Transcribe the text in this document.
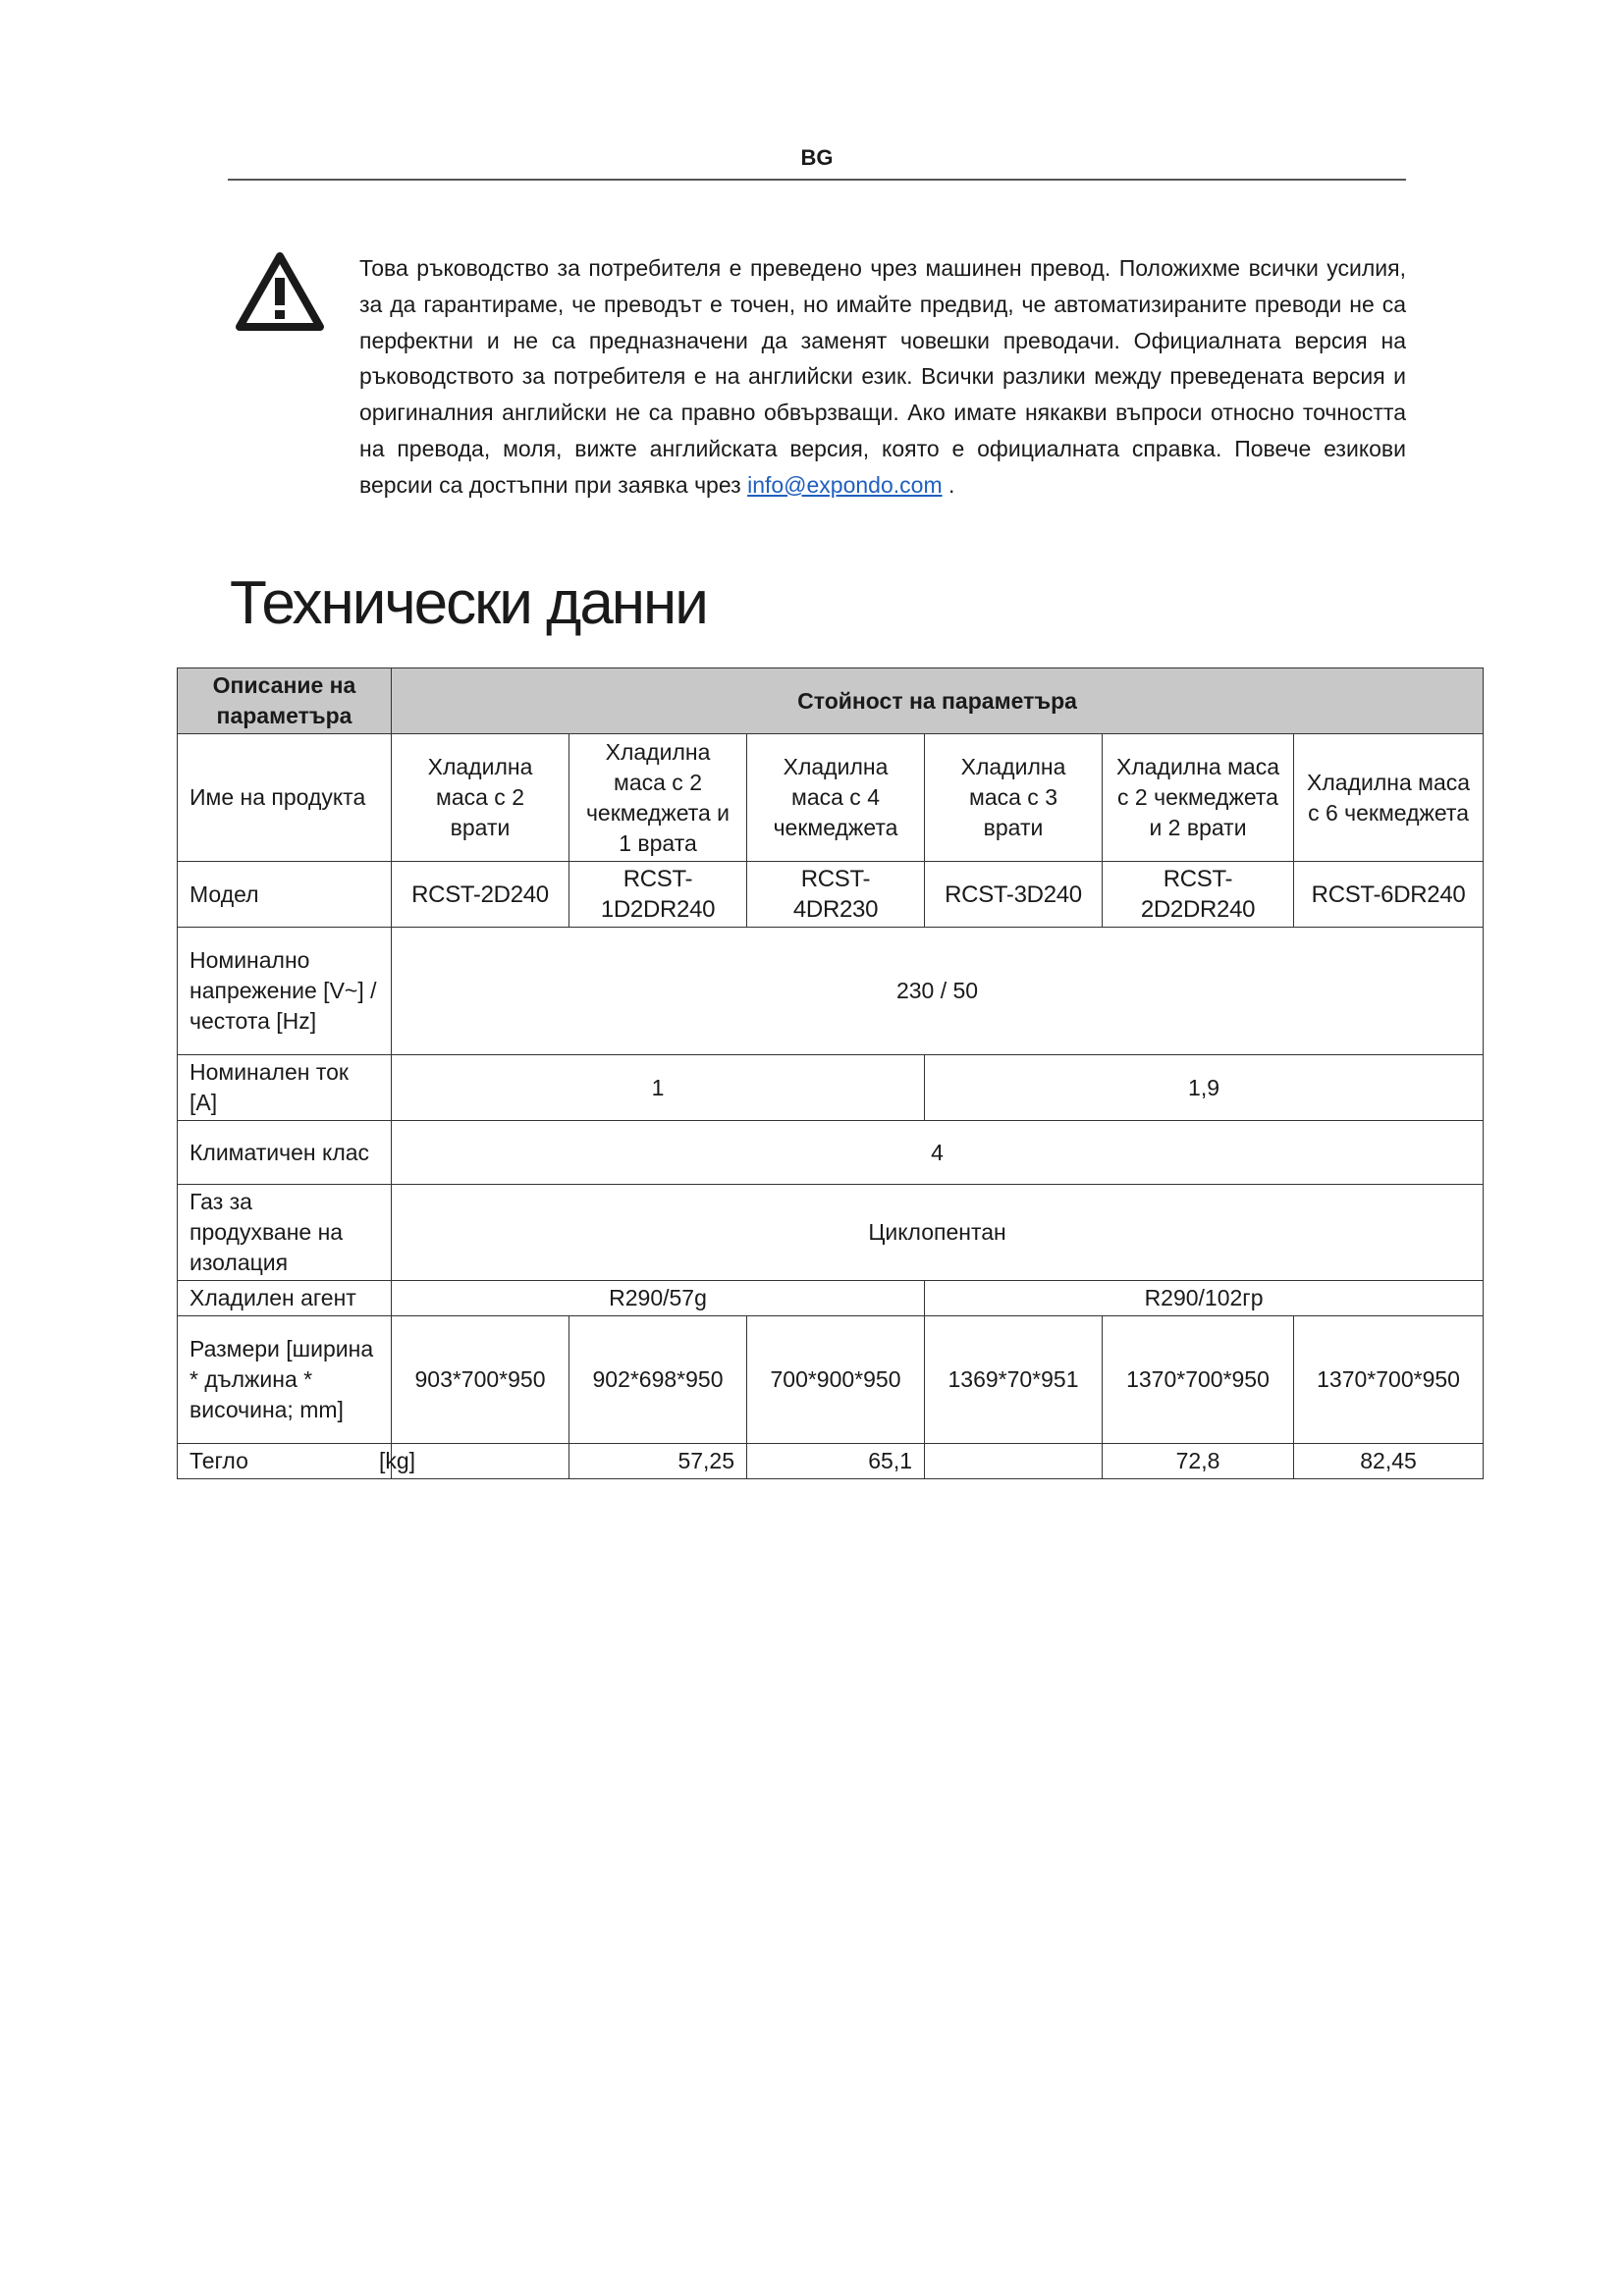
BG
Това ръководство за потребителя е преведено чрез машинен превод. Положихме всички усилия, за да гарантираме, че преводът е точен, но имайте предвид, че автоматизираните преводи не са перфектни и не са предназначени да заменят човешки преводачи. Официалната версия на ръководството за потребителя е на английски език. Всички разлики между преведената версия и оригиналния английски не са правно обвързващи. Ако имате някакви въпроси относно точността на превода, моля, вижте английската версия, която е официалната справка. Повече езикови версии са достъпни при заявка чрез info@expondo.com .
Технически данни
Описание на параметъра	Стойност на параметъра					
Име на продукта	Хладилна маса с 2 врати	Хладилна маса с 2 чекмеджета и 1 врата	Хладилна маса с 4 чекмеджета	Хладилна маса с 3 врати	Хладилна маса с 2 чекмеджета и 2 врати	Хладилна маса с 6 чекмеджета
Модел	RCST-2D240	RCST-1D2DR240	RCST-4DR230	RCST-3D240	RCST-2D2DR240	RCST-6DR240
Номинално напрежение [V~] / честота [Hz]	230 / 50					
Номинален ток [A]	1			1,9		
Климатичен клас	4					
Газ за продухване на изолация	Циклопентан					
Хладилен агент	R290/57g			R290/102гр		
Размери [ширина * дължина * височина; mm]	903*700*950	902*698*950	700*900*950	1369*70*951	1370*700*950	1370*700*950
Тегло [kg]		57,25	65,1		72,8	82,45
